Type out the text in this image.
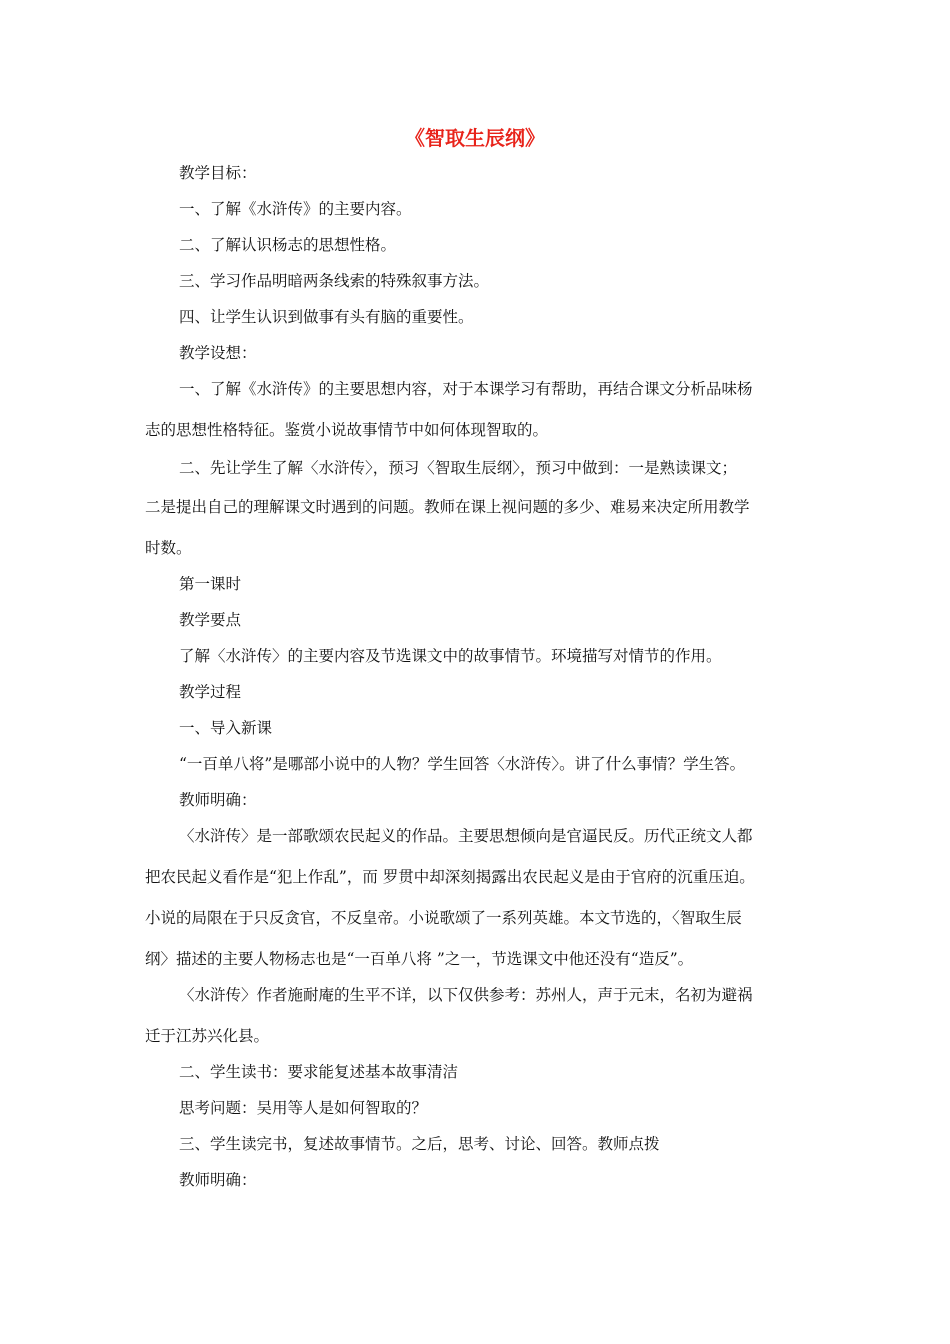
《智取生辰纲》
教学目标：
一、了解《水浒传》的主要内容。
二、了解认识杨志的思想性格。
三、学习作品明暗两条线索的特殊叙事方法。
四、让学生认识到做事有头有脑的重要性。
教学设想：
一、了解《水浒传》的主要思想内容，对于本课学习有帮助，再结合课文分析品味杨
志的思想性格特征。鉴赏小说故事情节中如何体现智取的。
二、先让学生了解〈水浒传〉，预习〈智取生辰纲〉，预习中做到：一是熟读课文；
二是提出自己的理解课文时遇到的问题。教师在课上视问题的多少、难易来决定所用教学
时数。
第一课时
教学要点
了解〈水浒传〉的主要内容及节选课文中的故事情节。环境描写对情节的作用。
教学过程
一、导入新课
“一百单八将”是哪部小说中的人物？学生回答〈水浒传〉。讲了什么事情？学生答。
教师明确：
〈水浒传〉是一部歌颂农民起义的作品。主要思想倾向是官逼民反。历代正统文人都
把农民起义看作是“犯上作乱”，而 罗贯中却深刻揭露出农民起义是由于官府的沉重压迫。
小说的局限在于只反贪官，不反皇帝。小说歌颂了一系列英雄。本文节选的，〈智取生辰
纲〉描述的主要人物杨志也是“一百单八将 ”之一，节选课文中他还没有“造反”。
〈水浒传〉作者施耐庵的生平不详，以下仅供参考：苏州人，声于元末，名初为避祸
迁于江苏兴化县。
二、学生读书：要求能复述基本故事清洁
思考问题：吴用等人是如何智取的？
三、学生读完书，复述故事情节。之后，思考、讨论、回答。教师点拨
教师明确：
